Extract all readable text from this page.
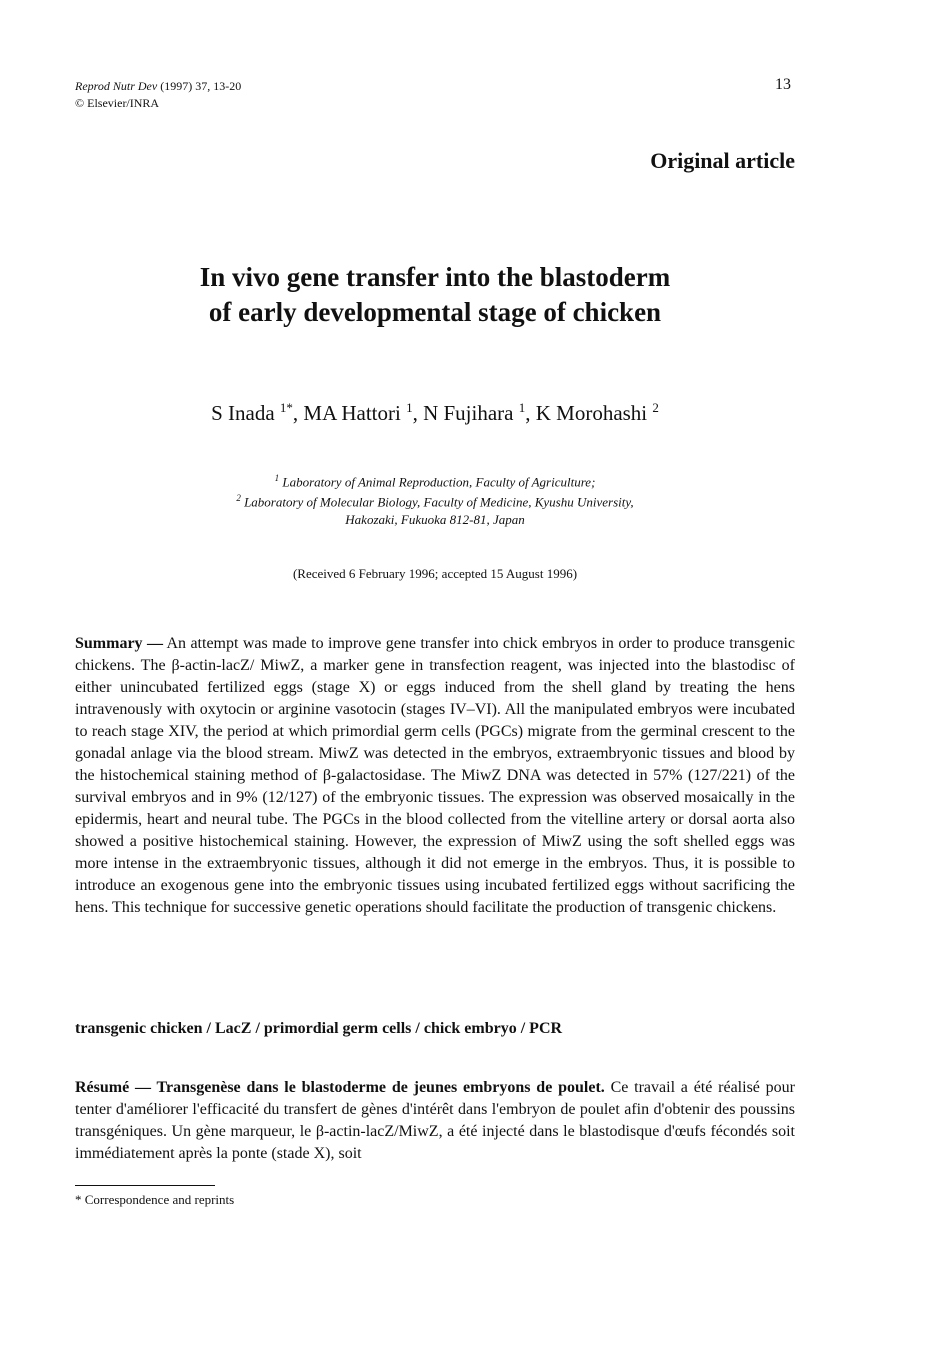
Reprod Nutr Dev (1997) 37, 13-20
© Elsevier/INRA
13
Original article
In vivo gene transfer into the blastoderm
of early developmental stage of chicken
S Inada $^{1*}$, MA Hattori $^1$, N Fujihara $^1$, K Morohashi $^2$
$^1$ Laboratory of Animal Reproduction, Faculty of Agriculture;
$^2$ Laboratory of Molecular Biology, Faculty of Medicine, Kyushu University,
Hakozaki, Fukuoka 812-81, Japan
(Received 6 February 1996; accepted 15 August 1996)
Summary — An attempt was made to improve gene transfer into chick embryos in order to produce transgenic chickens. The β-actin-lacZ/ MiwZ, a marker gene in transfection reagent, was injected into the blastodisc of either unincubated fertilized eggs (stage X) or eggs induced from the shell gland by treating the hens intravenously with oxytocin or arginine vasotocin (stages IV–VI). All the manipulated embryos were incubated to reach stage XIV, the period at which primordial germ cells (PGCs) migrate from the germinal crescent to the gonadal anlage via the blood stream. MiwZ was detected in the embryos, extraembryonic tissues and blood by the histochemical staining method of β-galactosidase. The MiwZ DNA was detected in 57% (127/221) of the survival embryos and in 9% (12/127) of the embryonic tissues. The expression was observed mosaically in the epidermis, heart and neural tube. The PGCs in the blood collected from the vitelline artery or dorsal aorta also showed a positive histochemical staining. However, the expression of MiwZ using the soft shelled eggs was more intense in the extraembryonic tissues, although it did not emerge in the embryos. Thus, it is possible to introduce an exogenous gene into the embryonic tissues using incubated fertilized eggs without sacrificing the hens. This technique for successive genetic operations should facilitate the production of transgenic chickens.
transgenic chicken / LacZ / primordial germ cells / chick embryo / PCR
Résumé — Transgenèse dans le blastoderme de jeunes embryons de poulet. Ce travail a été réalisé pour tenter d'améliorer l'efficacité du transfert de gènes d'intérêt dans l'embryon de poulet afin d'obtenir des poussins transgéniques. Un gène marqueur, le β-actin-lacZ/MiwZ, a été injecté dans le blastodisque d'œufs fécondés soit immédiatement après la ponte (stade X), soit
* Correspondence and reprints
